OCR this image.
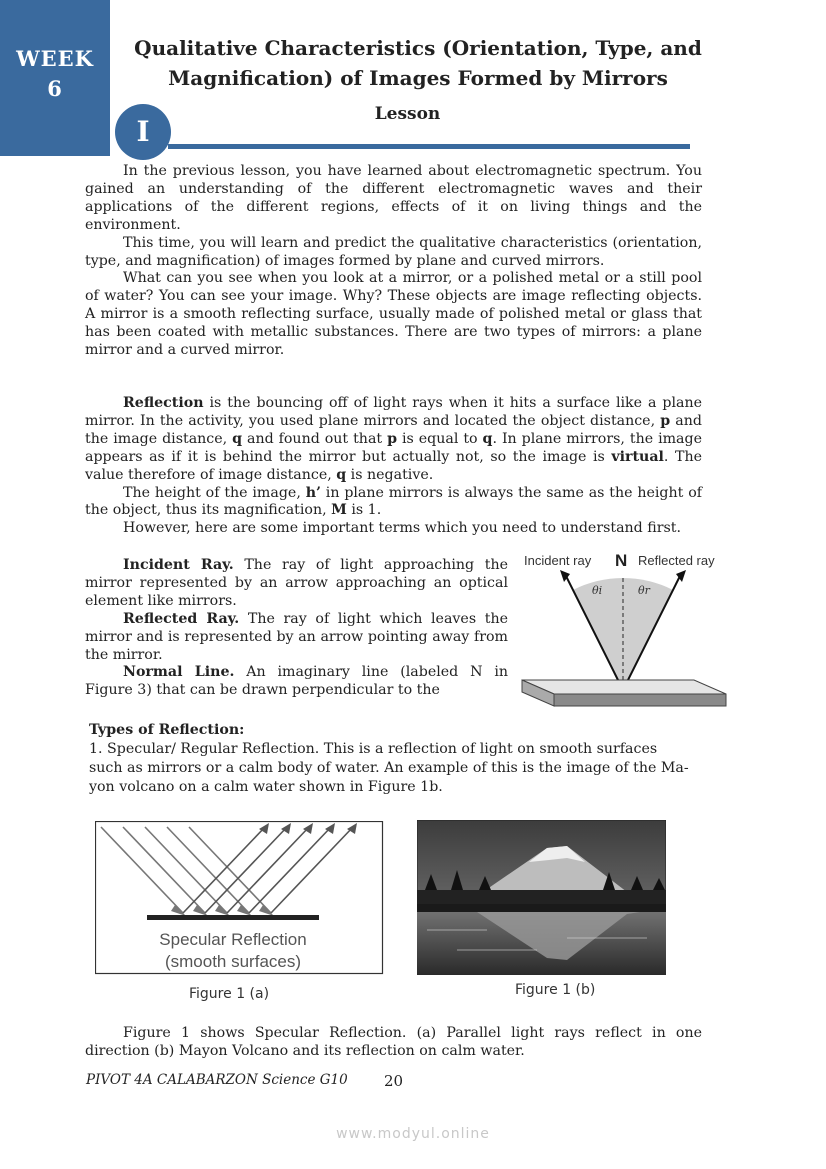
WEEK
6
Qualitative Characteristics (Orientation, Type, and
Magnification) of Images Formed by Mirrors
I
Lesson

In the previous lesson, you have learned about electromagnetic spectrum. You gained an understanding of the different electromagnetic waves and their applications of the different regions, effects of it on living things and the environment.

This time, you will learn and predict the qualitative characteristics (orientation, type, and magnification) of images formed by plane and curved mirrors.

What can you see when you look at a mirror, or a polished metal or a still pool of water? You can see your image. Why? These objects are image reflecting objects. A mirror is a smooth reflecting surface, usually made of polished metal or glass that has been coated with metallic substances. There are two types of mirrors: a plane mirror and a curved mirror.

Reflection is the bouncing off of light rays when it hits a surface like a plane mirror. In the activity, you used plane mirrors and located the object distance, p and the image distance, q and found out that p is equal to q. In plane mirrors, the image appears as if it is behind the mirror but actually not, so the image is virtual. The value therefore of image distance, q is negative.

The height of the image, h’ in plane mirrors is always the same as the height of the object, thus its magnification, M is 1.

However, here are some important terms which you need to understand first.

Incident Ray. The ray of light approaching the mirror represented by an arrow approaching an optical element like mirrors.

Reflected Ray. The ray of light which leaves the mirror and is represented by an arrow pointing away from the mirror.

Normal Line. An imaginary line (labeled N in Figure 3) that can be drawn perpendicular to the

Incident ray N Reflected ray
θi	θr
Types of Reflection:
1. Specular/ Regular Reflection. This is a reflection of light on smooth surfaces
such as mirrors or a calm body of water. An example of this is the image of the Ma-
yon volcano on a calm water shown in Figure 1b.
Specular Reflection
(smooth surfaces)
Figure 1 (a)	Figure 1 (b)

Figure 1 shows Specular Reflection. (a) Parallel light rays reflect in one direction (b) Mayon Volcano and its reflection on calm water.

PIVOT 4A CALABARZON Science G10 20
www.modyul.online
